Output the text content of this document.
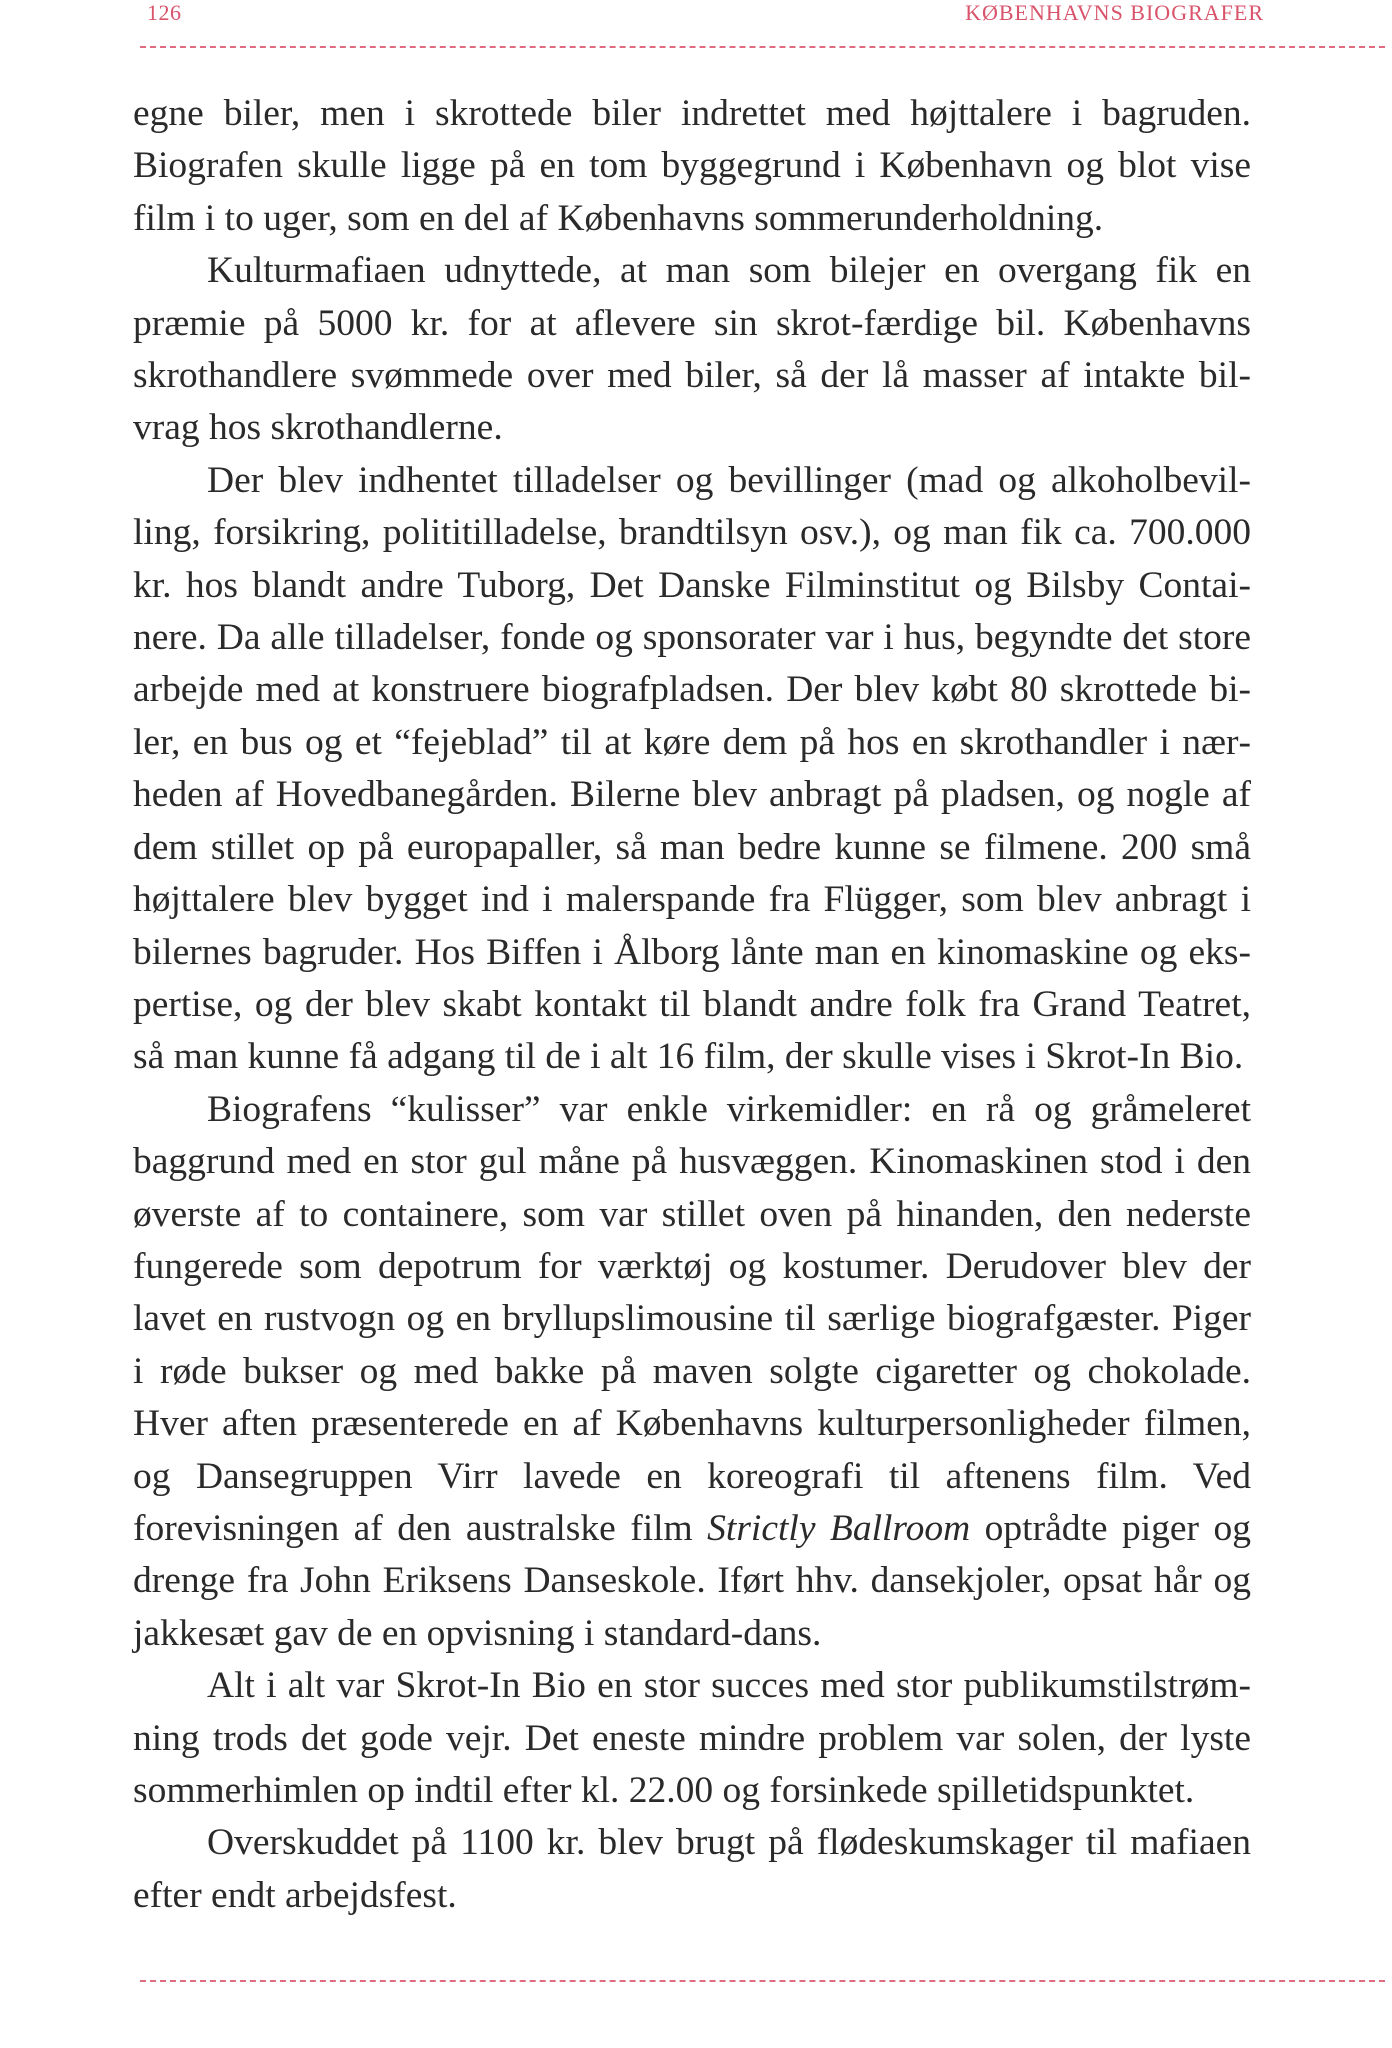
126	KØBENHAVNS BIOGRAFER

egne biler, men i skrottede biler indrettet med højttalere i bagruden. Biografen skulle ligge på en tom byggegrund i København og blot vise film i to uger, som en del af Københavns sommerunderholdning.

Kulturmafiaen udnyttede, at man som bilejer en overgang fik en præmie på 5000 kr. for at aflevere sin skrot-færdige bil. Københavns skrothandlere svømmede over med biler, så der lå masser af intakte bilvrag hos skrothandlerne.

Der blev indhentet tilladelser og bevillinger (mad og alkoholbevilling, forsikring, polititilladelse, brandtilsyn osv.), og man fik ca. 700.000 kr. hos blandt andre Tuborg, Det Danske Filminstitut og Bilsby Containere. Da alle tilladelser, fonde og sponsorater var i hus, begyndte det store arbejde med at konstruere biografpladsen. Der blev købt 80 skrottede biler, en bus og et “fejeblad” til at køre dem på hos en skrothandler i nærheden af Hovedbanegården. Bilerne blev anbragt på pladsen, og nogle af dem stillet op på europapaller, så man bedre kunne se filmene. 200 små højttalere blev bygget ind i malerspande fra Flügger, som blev anbragt i bilernes bagruder. Hos Biffen i Ålborg lånte man en kinomaskine og ekspertise, og der blev skabt kontakt til blandt andre folk fra Grand Teatret, så man kunne få adgang til de i alt 16 film, der skulle vises i Skrot-In Bio.

Biografens “kulisser” var enkle virkemidler: en rå og gråmeleret baggrund med en stor gul måne på husvæggen. Kinomaskinen stod i den øverste af to containere, som var stillet oven på hinanden, den nederste fungerede som depotrum for værktøj og kostumer. Derudover blev der lavet en rustvogn og en bryllupslimousine til særlige biografgæster. Piger i røde bukser og med bakke på maven solgte cigaretter og chokolade. Hver aften præsenterede en af Københavns kulturpersonligheder filmen, og Dansegruppen Virr lavede en koreografi til aftenens film. Ved forevisningen af den australske film Strictly Ballroom optrådte piger og drenge fra John Eriksens Danseskole. Iført hhv. dansekjoler, opsat hår og jakkesæt gav de en opvisning i standard-dans.

Alt i alt var Skrot-In Bio en stor succes med stor publikumstilstrømning trods det gode vejr. Det eneste mindre problem var solen, der lyste sommerhimlen op indtil efter kl. 22.00 og forsinkede spilletidspunktet.

Overskuddet på 1100 kr. blev brugt på flødeskumskager til mafiaen efter endt arbejdsfest.
